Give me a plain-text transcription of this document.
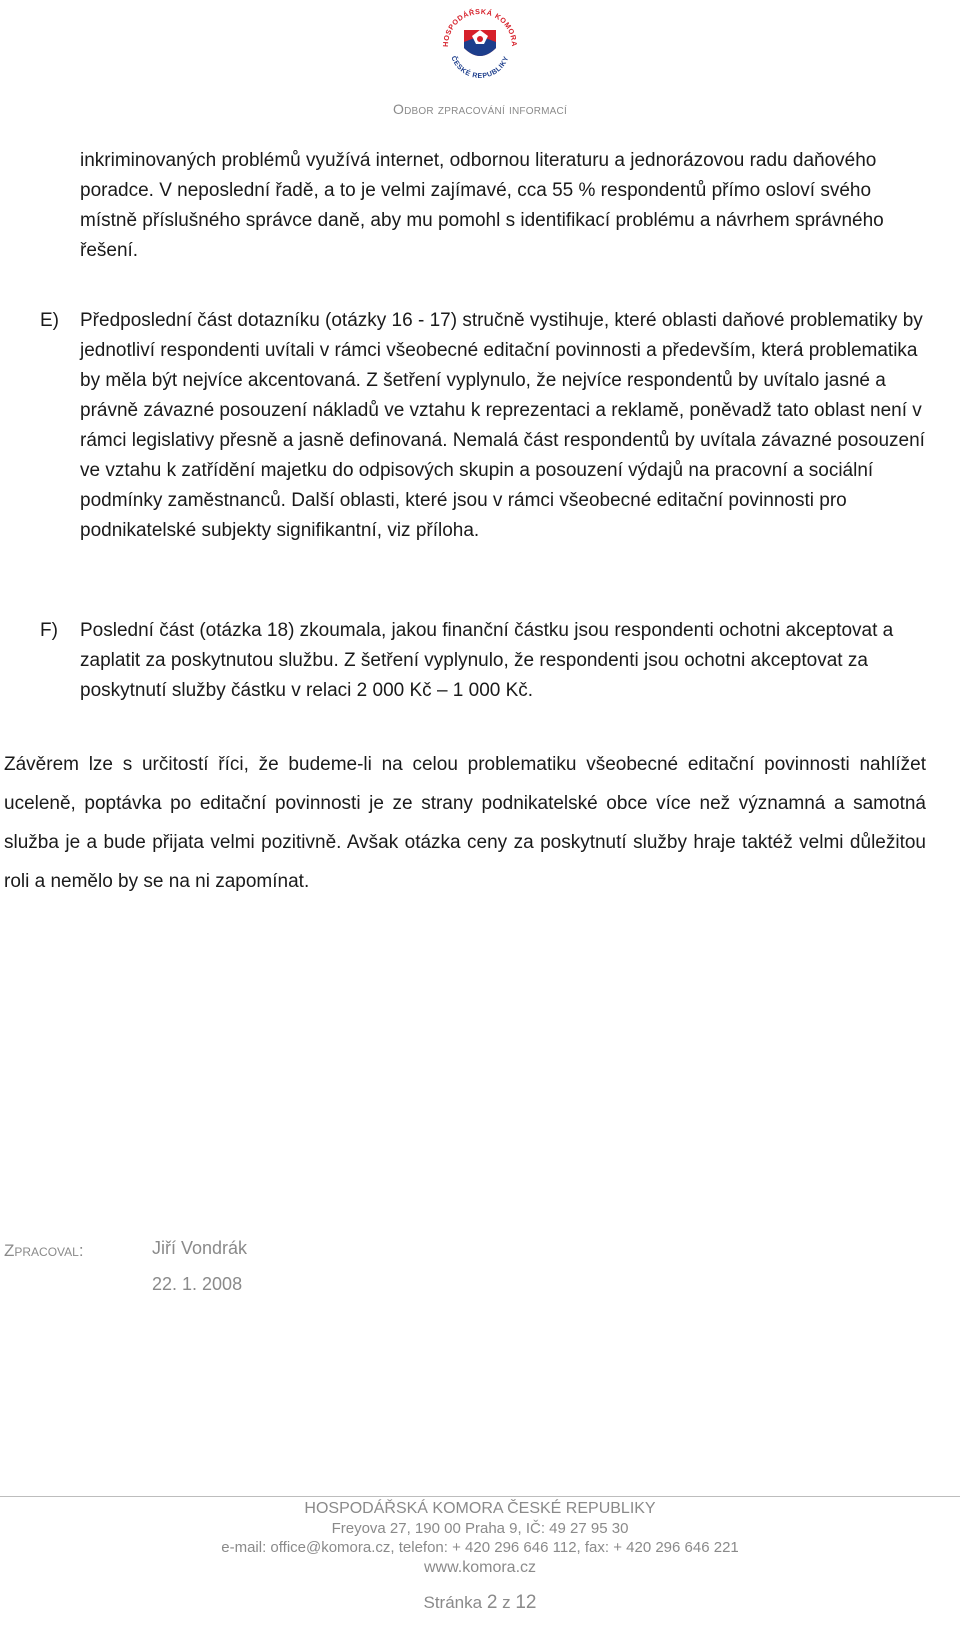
HOSPODÁŘSKÁ KOMORA
ČESKÉ REPUBLIKY
Odbor zpracování informací

inkriminovaných problémů využívá internet, odbornou literaturu a jednorázovou radu daňového poradce. V neposlední řadě, a to je velmi zajímavé, cca 55 % respondentů přímo osloví svého místně příslušného správce daně, aby mu pomohl s identifikací problému a návrhem správného řešení.

E) Předposlední část dotazníku (otázky 16 - 17) stručně vystihuje, které oblasti daňové problematiky by jednotliví respondenti uvítali v rámci všeobecné editační povinnosti a především, která problematika by měla být nejvíce akcentovaná. Z šetření vyplynulo, že nejvíce respondentů by uvítalo jasné a právně závazné posouzení nákladů ve vztahu k reprezentaci a reklamě, poněvadž tato oblast není v rámci legislativy přesně a jasně definovaná. Nemalá část respondentů by uvítala závazné posouzení ve vztahu k zatřídění majetku do odpisových skupin a posouzení výdajů na pracovní a sociální podmínky zaměstnanců. Další oblasti, které jsou v rámci všeobecné editační povinnosti pro podnikatelské subjekty signifikantní, viz příloha.
F) Poslední část (otázka 18) zkoumala, jakou finanční částku jsou respondenti ochotni akceptovat a zaplatit za poskytnutou službu. Z šetření vyplynulo, že respondenti jsou ochotni akceptovat za poskytnutí služby částku v relaci 2 000 Kč – 1 000 Kč.

Závěrem lze s určitostí říci, že budeme-li na celou problematiku všeobecné editační povinnosti nahlížet uceleně, poptávka po editační povinnosti je ze strany podnikatelské obce více než významná a samotná služba je a bude přijata velmi pozitivně. Avšak otázka ceny za poskytnutí služby hraje taktéž velmi důležitou roli a nemělo by se na ni zapomínat.

Zpracoval:	Jiří Vondrák
22. 1. 2008
HOSPODÁŘSKÁ KOMORA ČESKÉ REPUBLIKY
Freyova 27, 190 00 Praha 9, IČ: 49 27 95 30
e-mail: office@komora.cz, telefon: + 420 296 646 112, fax: + 420 296 646 221
www.komora.cz
Stránka 2 z 12
